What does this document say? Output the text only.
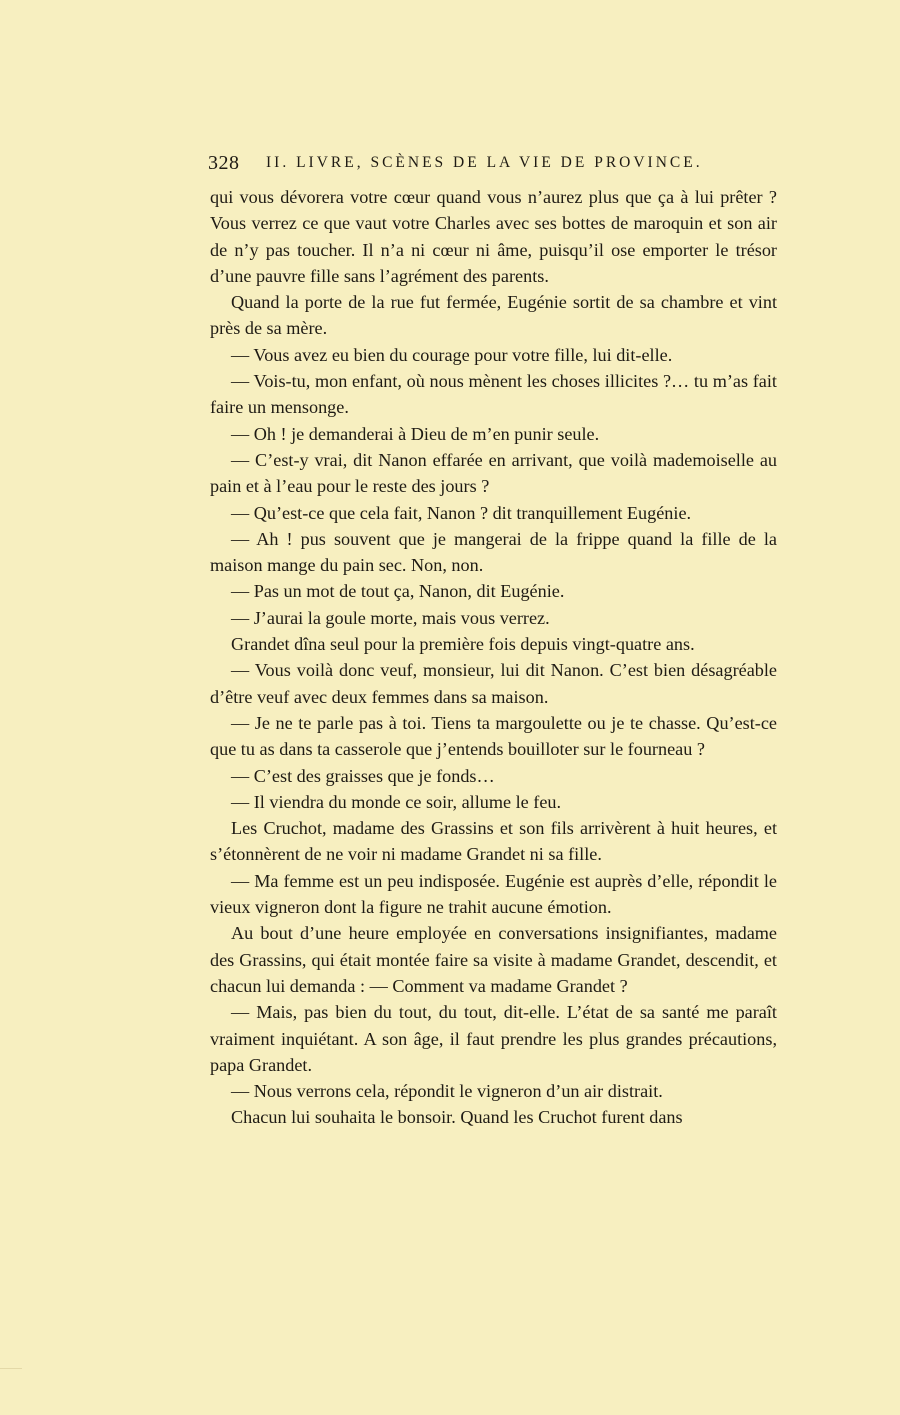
328 II. LIVRE, SCÈNES DE LA VIE DE PROVINCE.

qui vous dévorera votre cœur quand vous n’aurez plus que ça à lui prêter ? Vous verrez ce que vaut votre Charles avec ses bottes de maroquin et son air de n’y pas toucher. Il n’a ni cœur ni âme, puisqu’il ose emporter le trésor d’une pauvre fille sans l’agrément des parents.

Quand la porte de la rue fut fermée, Eugénie sortit de sa chambre et vint près de sa mère.

— Vous avez eu bien du courage pour votre fille, lui dit-elle.

— Vois-tu, mon enfant, où nous mènent les choses illicites ?… tu m’as fait faire un mensonge.

— Oh ! je demanderai à Dieu de m’en punir seule.

— C’est-y vrai, dit Nanon effarée en arrivant, que voilà mademoiselle au pain et à l’eau pour le reste des jours ?

— Qu’est-ce que cela fait, Nanon ? dit tranquillement Eugénie.

— Ah ! pus souvent que je mangerai de la frippe quand la fille de la maison mange du pain sec. Non, non.

— Pas un mot de tout ça, Nanon, dit Eugénie.

— J’aurai la goule morte, mais vous verrez.

Grandet dîna seul pour la première fois depuis vingt-quatre ans.

— Vous voilà donc veuf, monsieur, lui dit Nanon. C’est bien désagréable d’être veuf avec deux femmes dans sa maison.

— Je ne te parle pas à toi. Tiens ta margoulette ou je te chasse. Qu’est-ce que tu as dans ta casserole que j’entends bouilloter sur le fourneau ?

— C’est des graisses que je fonds…

— Il viendra du monde ce soir, allume le feu.

Les Cruchot, madame des Grassins et son fils arrivèrent à huit heures, et s’étonnèrent de ne voir ni madame Grandet ni sa fille.

— Ma femme est un peu indisposée. Eugénie est auprès d’elle, répondit le vieux vigneron dont la figure ne trahit aucune émotion.

Au bout d’une heure employée en conversations insignifiantes, madame des Grassins, qui était montée faire sa visite à madame Grandet, descendit, et chacun lui demanda : — Comment va madame Grandet ?

— Mais, pas bien du tout, du tout, dit-elle. L’état de sa santé me paraît vraiment inquiétant. A son âge, il faut prendre les plus grandes précautions, papa Grandet.

— Nous verrons cela, répondit le vigneron d’un air distrait.

Chacun lui souhaita le bonsoir. Quand les Cruchot furent dans
